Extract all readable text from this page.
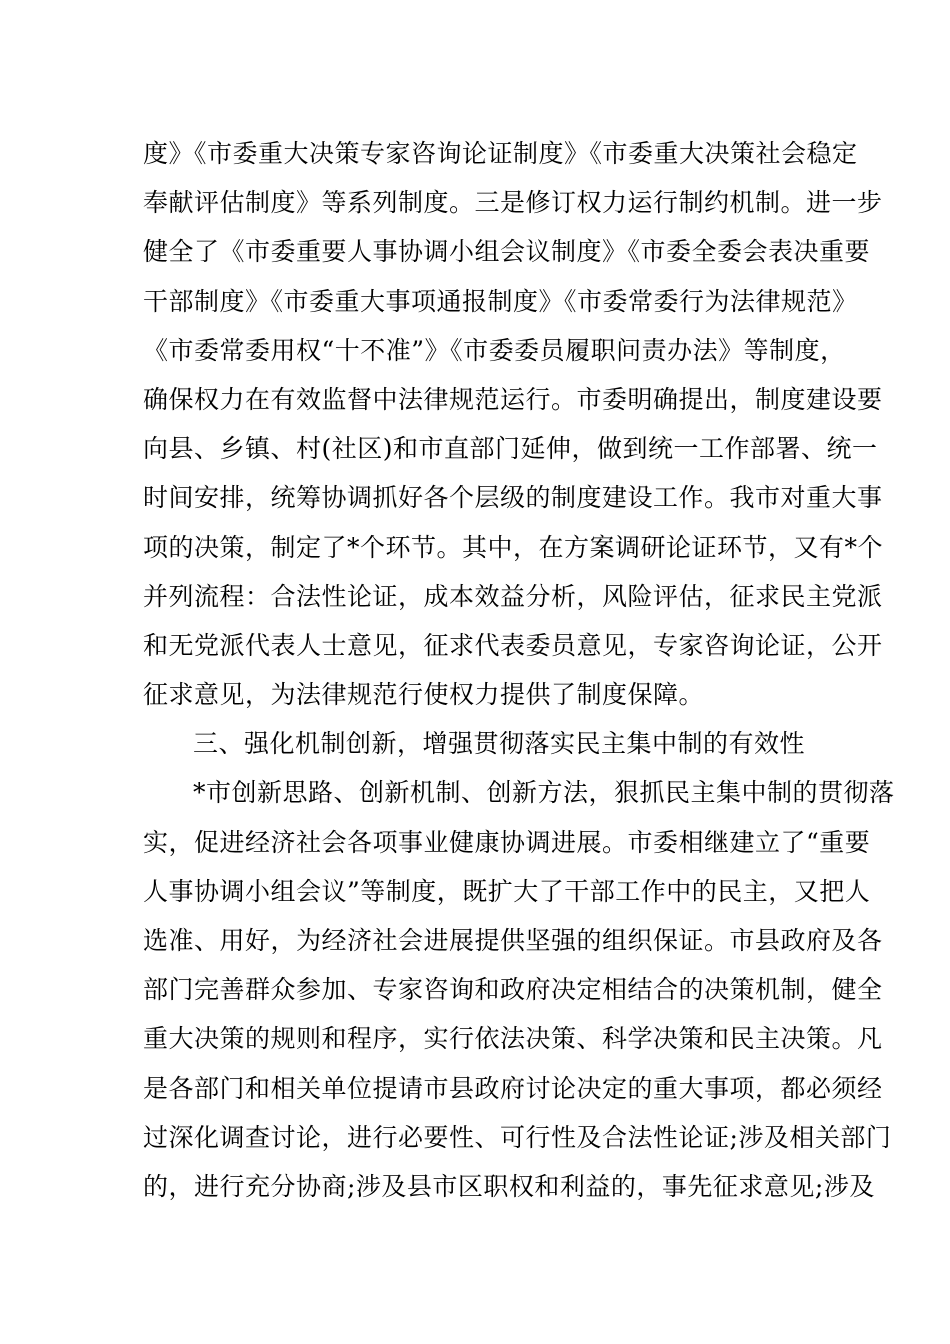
度》《市委重大决策专家咨询论证制度》《市委重大决策社会稳定
奉献评估制度》等系列制度。三是修订权力运行制约机制。进一步
健全了《市委重要人事协调小组会议制度》《市委全委会表决重要
干部制度》《市委重大事项通报制度》《市委常委行为法律规范》
《市委常委用权“十不准”》《市委委员履职问责办法》等制度，
确保权力在有效监督中法律规范运行。市委明确提出，制度建设要
向县、乡镇、村(社区)和市直部门延伸，做到统一工作部署、统一
时间安排，统筹协调抓好各个层级的制度建设工作。我市对重大事
项的决策，制定了*个环节。其中，在方案调研论证环节，又有*个
并列流程：合法性论证，成本效益分析，风险评估，征求民主党派
和无党派代表人士意见，征求代表委员意见，专家咨询论证，公开
征求意见，为法律规范行使权力提供了制度保障。
三、强化机制创新，增强贯彻落实民主集中制的有效性
*市创新思路、创新机制、创新方法，狠抓民主集中制的贯彻落
实，促进经济社会各项事业健康协调进展。市委相继建立了“重要
人事协调小组会议”等制度，既扩大了干部工作中的民主，又把人
选准、用好，为经济社会进展提供坚强的组织保证。市县政府及各
部门完善群众参加、专家咨询和政府决定相结合的决策机制，健全
重大决策的规则和程序，实行依法决策、科学决策和民主决策。凡
是各部门和相关单位提请市县政府讨论决定的重大事项，都必须经
过深化调查讨论，进行必要性、可行性及合法性论证;涉及相关部门
的，进行充分协商;涉及县市区职权和利益的，事先征求意见;涉及
